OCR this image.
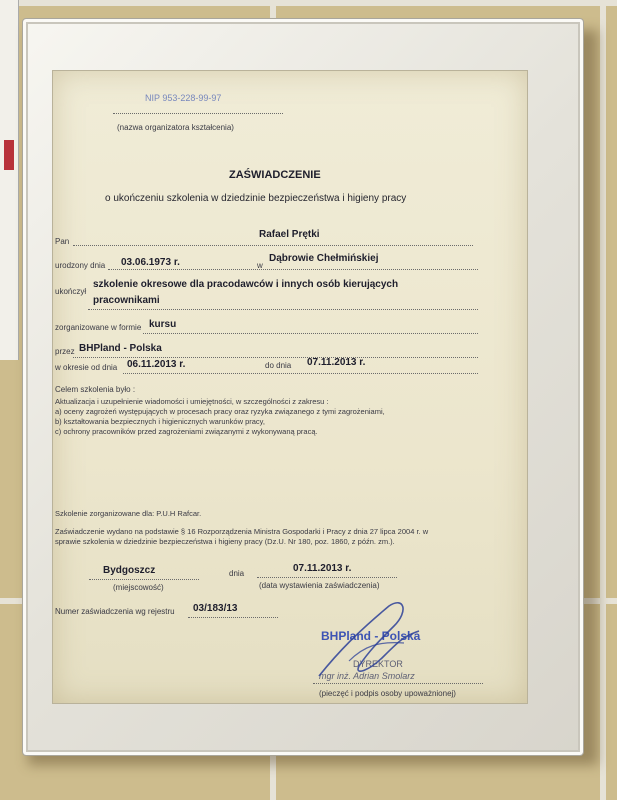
NIP 953-228-99-97
(nazwa organizatora kształcenia)
ZAŚWIADCZENIE
o ukończeniu szkolenia w dziedzinie bezpieczeństwa i higieny pracy
Pan
Rafael Prętki
urodzony dnia 03.06.1973 r.	w
Dąbrowie Chełmińskiej
ukończył
szkolenie okresowe dla pracodawców i innych osób kierujących
pracownikami
zorganizowane w formie kursu
przez BHPland - Polska
w okresie od dnia 06.11.2013 r.	do dnia 07.11.2013 r.
Celem szkolenia było :
Aktualizacja i uzupełnienie wiadomości i umiejętności, w szczególności z zakresu :
a) oceny zagrożeń występujących w procesach pracy oraz ryzyka związanego z tymi zagrożeniami,
b) kształtowania bezpiecznych i higienicznych warunków pracy,
c) ochrony pracowników przed zagrożeniami związanymi z wykonywaną pracą.
Szkolenie zorganizowane dla: P.U.H Rafcar.
Zaświadczenie wydano na podstawie § 16 Rozporządzenia Ministra Gospodarki i Pracy z dnia 27 lipca 2004 r. w
sprawie szkolenia w dziedzinie bezpieczeństwa i higieny pracy (Dz.U. Nr 180, poz. 1860, z późn. zm.).
Bydgoszcz
(miejscowość)
dnia	07.11.2013 r.
(data wystawienia zaświadczenia)
Numer zaświadczenia wg rejestru 03/183/13
BHPland - Polska
DYREKTOR
mgr inż. Adrian Smolarz
(pieczęć i podpis osoby upoważnionej)
